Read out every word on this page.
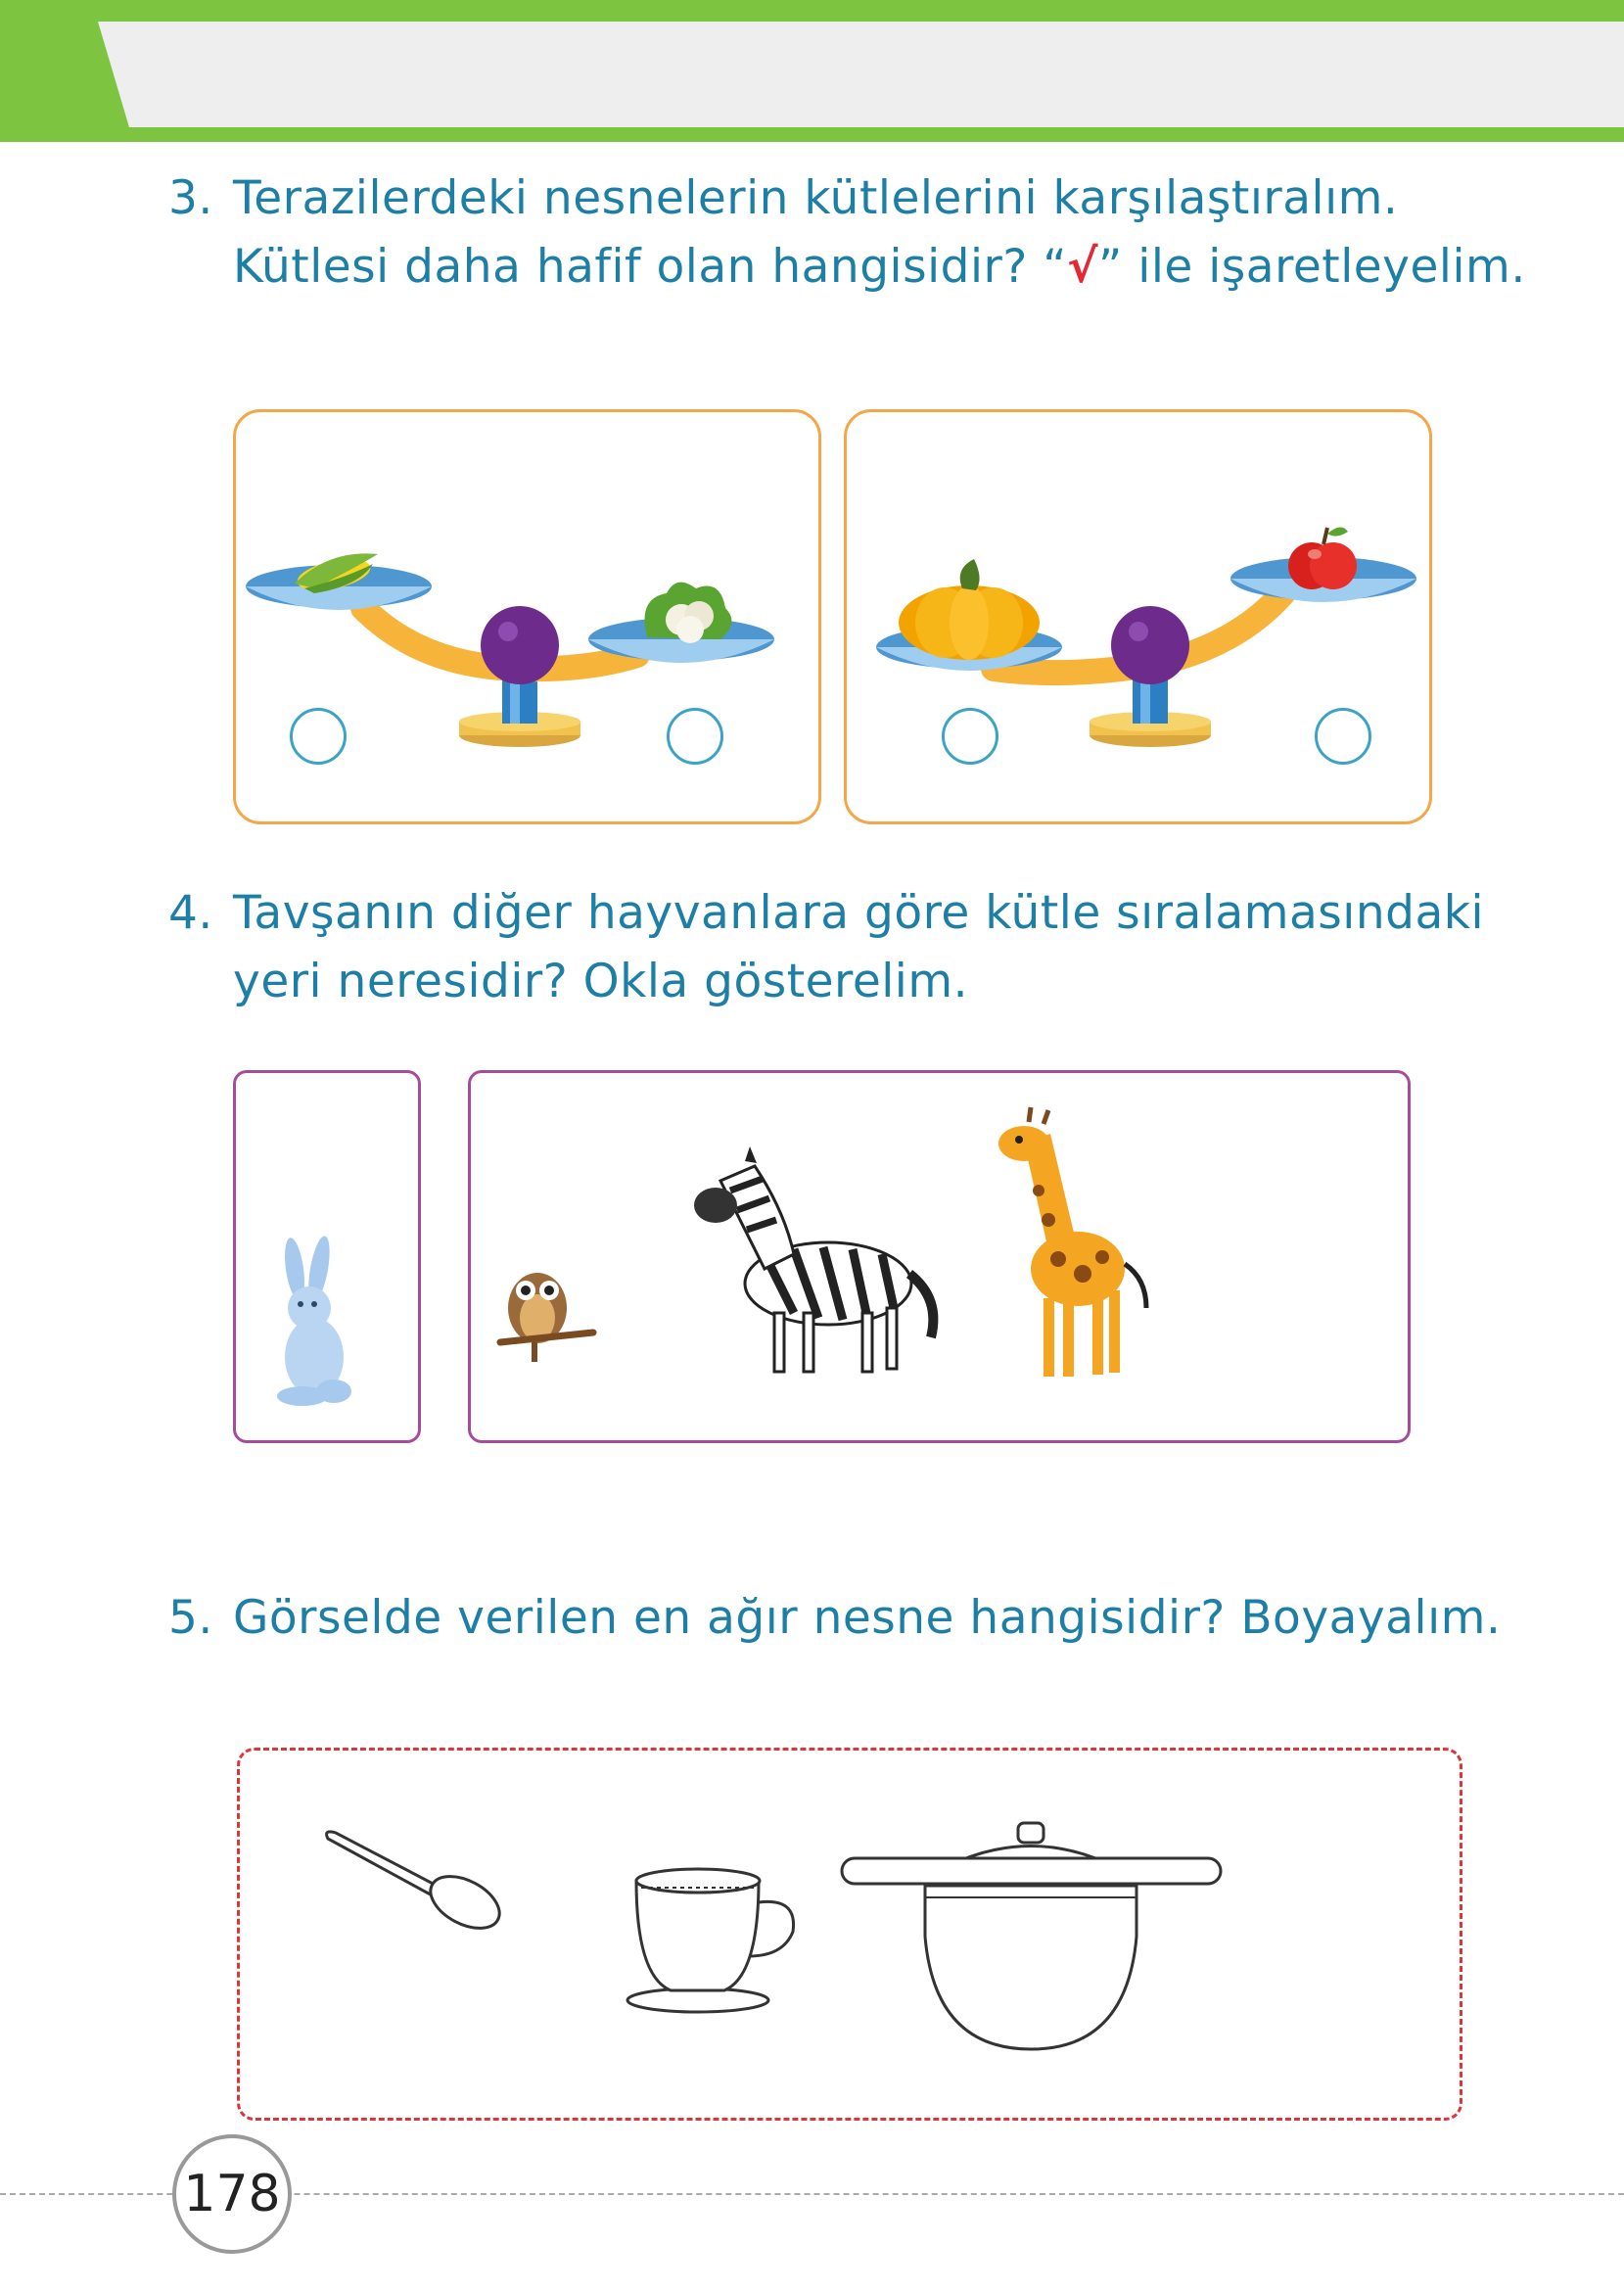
3. Terazilerdeki nesnelerin kütlelerini karşılaştıralım.
Kütlesi daha hafif olan hangisidir? “√” ile işaretleyelim.
4. Tavşanın diğer hayvanlara göre kütle sıralamasındaki
yeri neresidir? Okla gösterelim.
5. Görselde verilen en ağır nesne hangisidir? Boyayalım.
178
